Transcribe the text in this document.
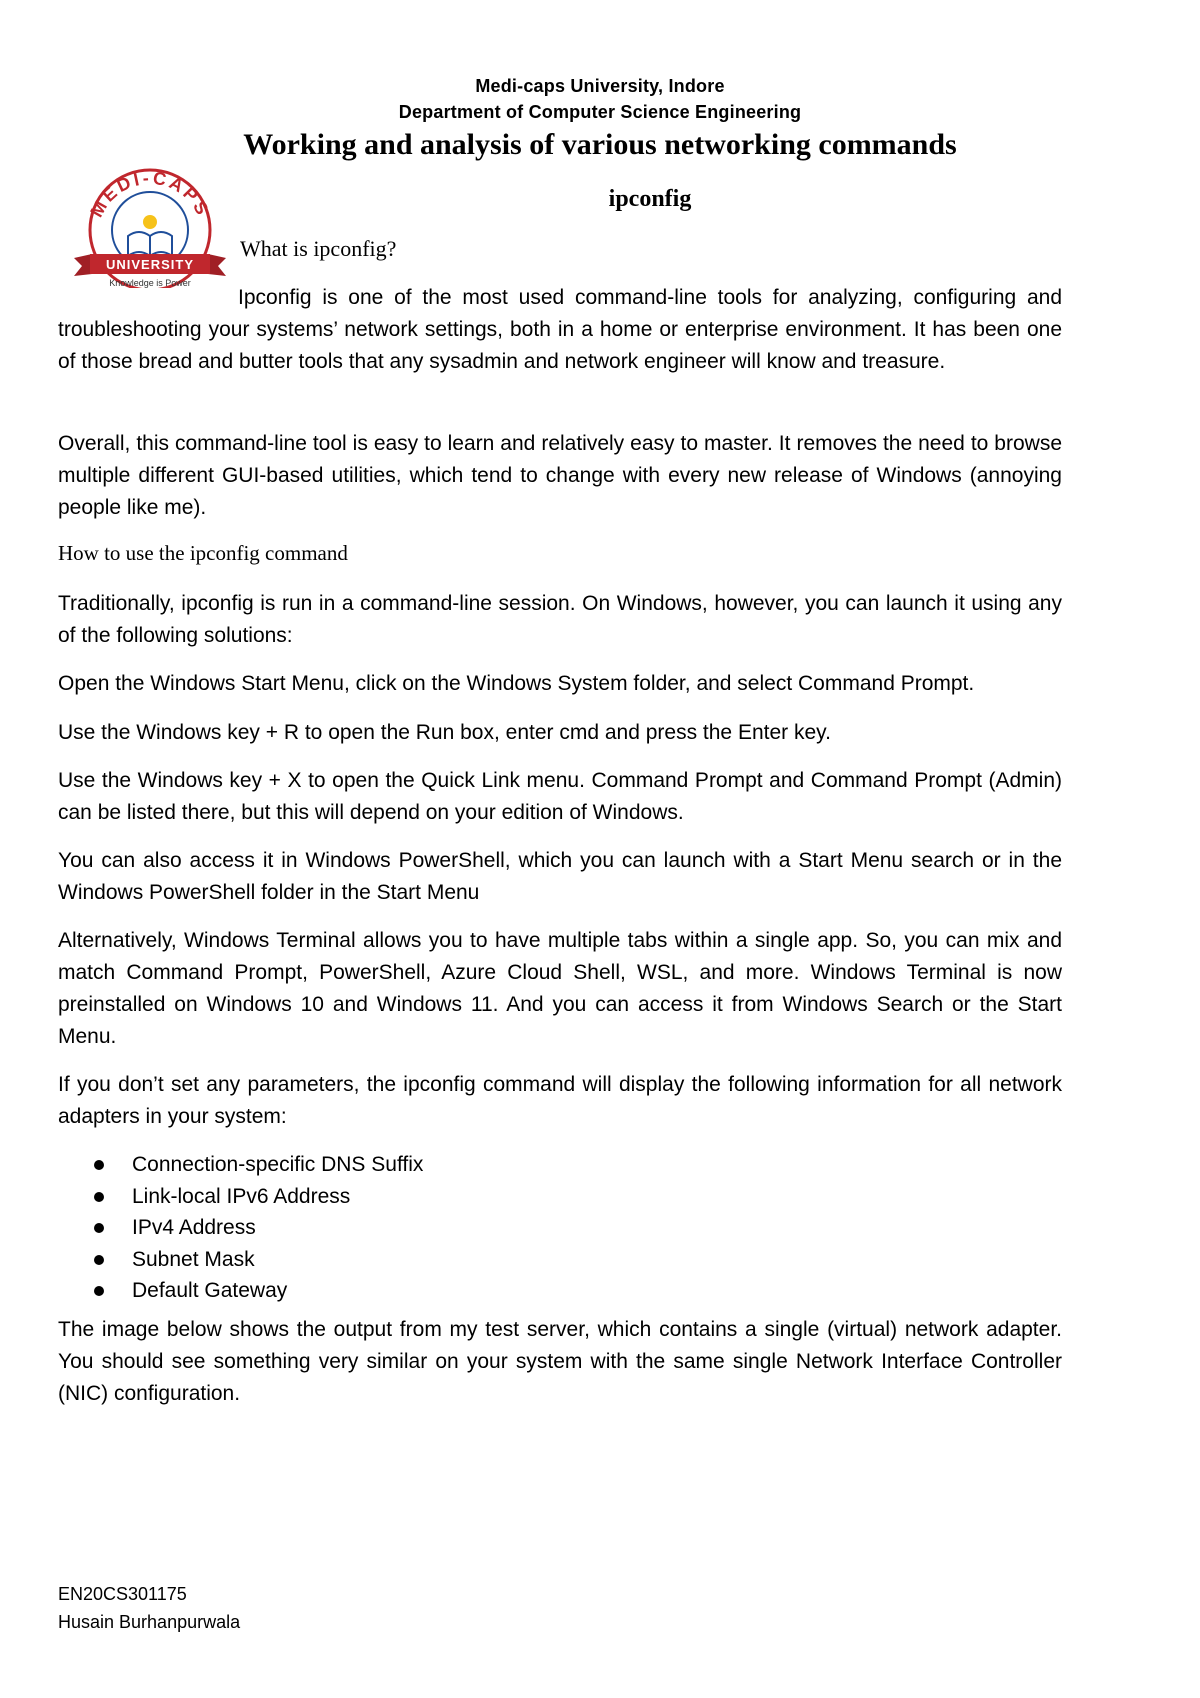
Medi-caps University, Indore
Department of Computer Science Engineering
Working and analysis of various networking commands
ipconfig
MEDI-CAPS
UNIVERSITY
Knowledge is Power
What is ipconfig?
Ipconfig is one of the most used command-line tools for analyzing, configuring and troubleshooting your systems’ network settings, both in a home or enterprise environment. It has been one of those bread and butter tools that any sysadmin and network engineer will know and treasure.
Overall, this command-line tool is easy to learn and relatively easy to master. It removes the need to browse multiple different GUI-based utilities, which tend to change with every new release of Windows (annoying people like me).
How to use the ipconfig command
Traditionally, ipconfig is run in a command-line session. On Windows, however, you can launch it using any of the following solutions:
Open the Windows Start Menu, click on the Windows System folder, and select Command Prompt.
Use the Windows key + R to open the Run box, enter cmd and press the Enter key.
Use the Windows key + X to open the Quick Link menu. Command Prompt and Command Prompt (Admin) can be listed there, but this will depend on your edition of Windows.
You can also access it in Windows PowerShell, which you can launch with a Start Menu search or in the Windows PowerShell folder in the Start Menu
Alternatively, Windows Terminal allows you to have multiple tabs within a single app. So, you can mix and match Command Prompt, PowerShell, Azure Cloud Shell, WSL, and more. Windows Terminal is now preinstalled on Windows 10 and Windows 11. And you can access it from Windows Search or the Start Menu.
If you don’t set any parameters, the ipconfig command will display the following information for all network adapters in your system:
Connection-specific DNS Suffix
Link-local IPv6 Address
IPv4 Address
Subnet Mask
Default Gateway
The image below shows the output from my test server, which contains a single (virtual) network adapter. You should see something very similar on your system with the same single Network Interface Controller (NIC) configuration.
EN20CS301175
Husain Burhanpurwala
